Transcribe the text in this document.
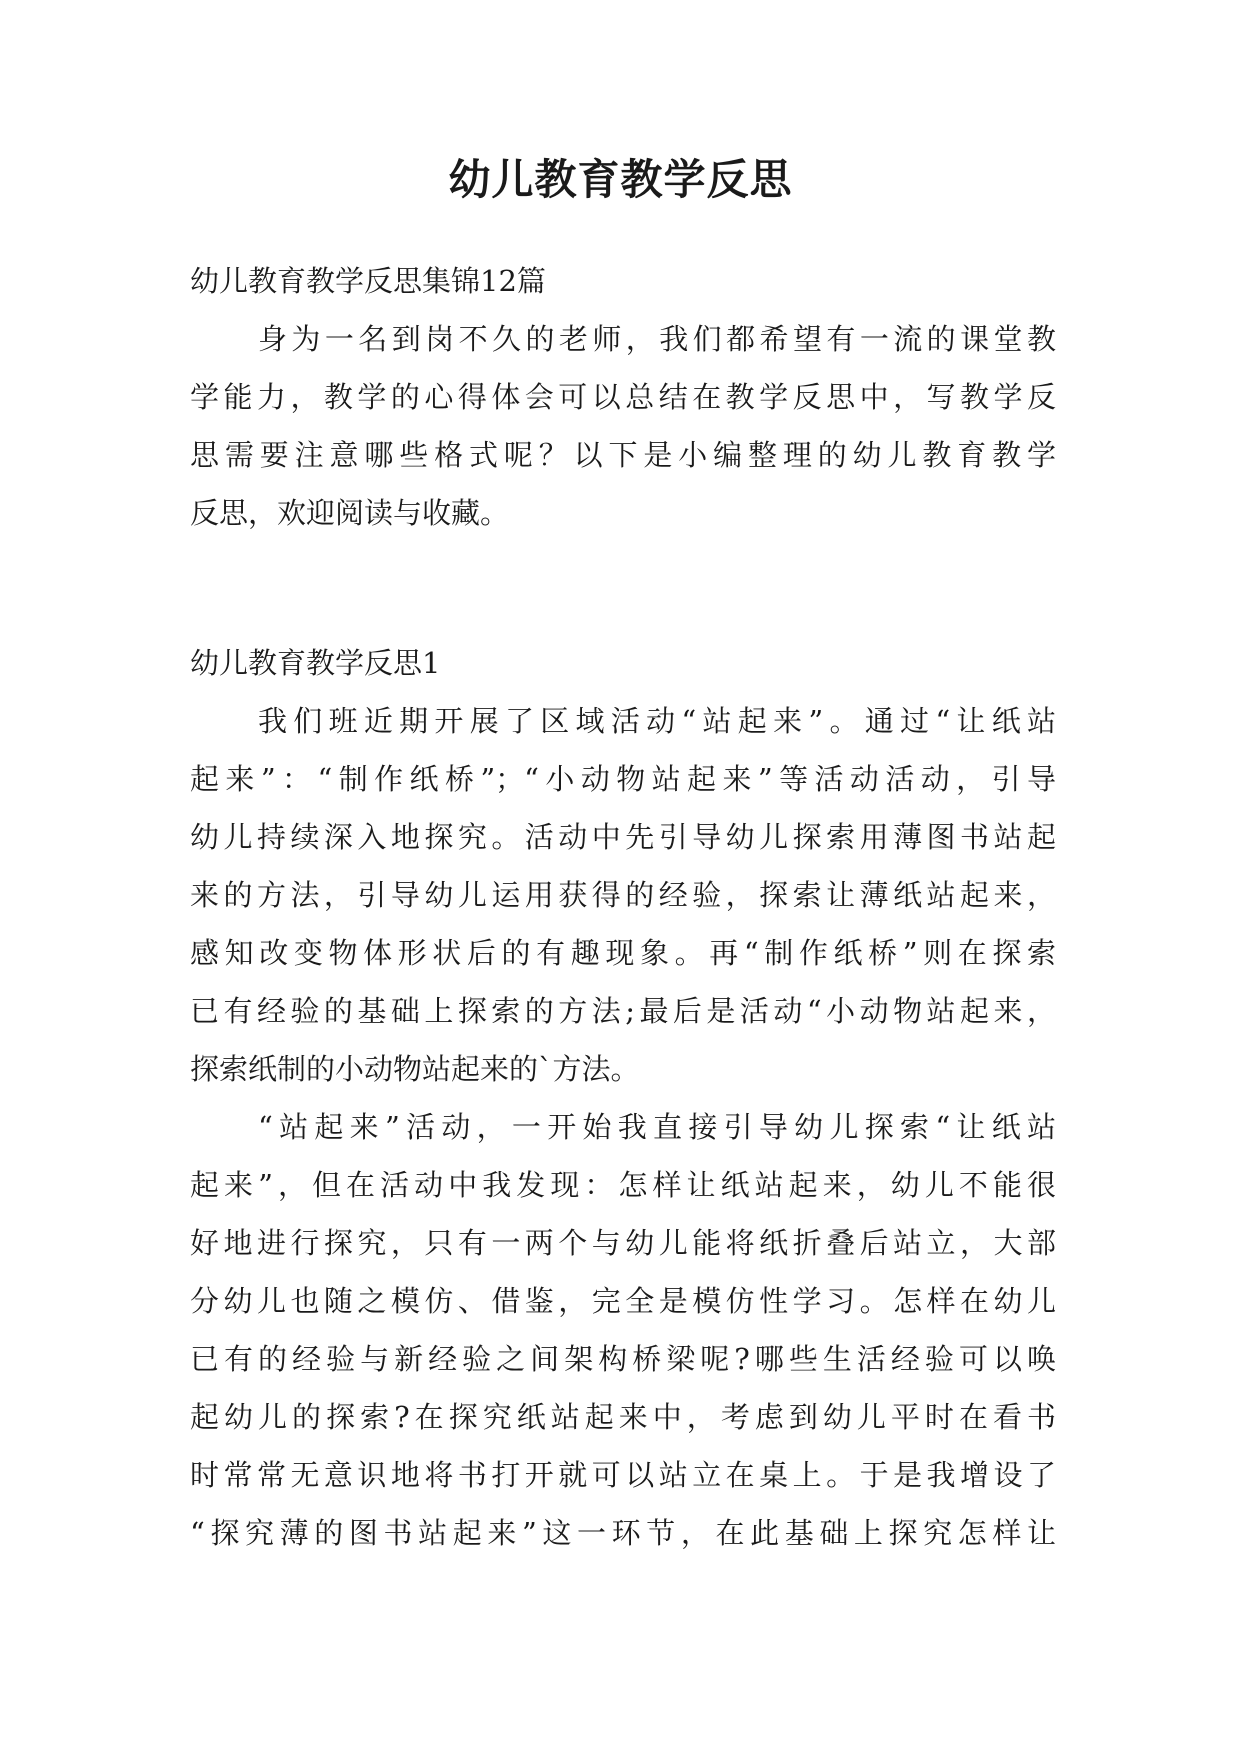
幼儿教育教学反思
幼儿教育教学反思集锦12篇
身为一名到岗不久的老师，我们都希望有一流的课堂教
学能力，教学的心得体会可以总结在教学反思中，写教学反
思需要注意哪些格式呢？以下是小编整理的幼儿教育教学
反思，欢迎阅读与收藏。
幼儿教育教学反思1
我们班近期开展了区域活动“站起来”。通过“让纸站
起来”：“制作纸桥”；“小动物站起来”等活动活动，引导
幼儿持续深入地探究。活动中先引导幼儿探索用薄图书站起
来的方法，引导幼儿运用获得的经验，探索让薄纸站起来，
感知改变物体形状后的有趣现象。再“制作纸桥”则在探索
已有经验的基础上探索的方法;最后是活动“小动物站起来，
探索纸制的小动物站起来的`方法。
“站起来”活动，一开始我直接引导幼儿探索“让纸站
起来”，但在活动中我发现：怎样让纸站起来，幼儿不能很
好地进行探究，只有一两个与幼儿能将纸折叠后站立，大部
分幼儿也随之模仿、借鉴，完全是模仿性学习。怎样在幼儿
已有的经验与新经验之间架构桥梁呢?哪些生活经验可以唤
起幼儿的探索?在探究纸站起来中，考虑到幼儿平时在看书
时常常无意识地将书打开就可以站立在桌上。于是我增设了
“探究薄的图书站起来”这一环节，在此基础上探究怎样让
